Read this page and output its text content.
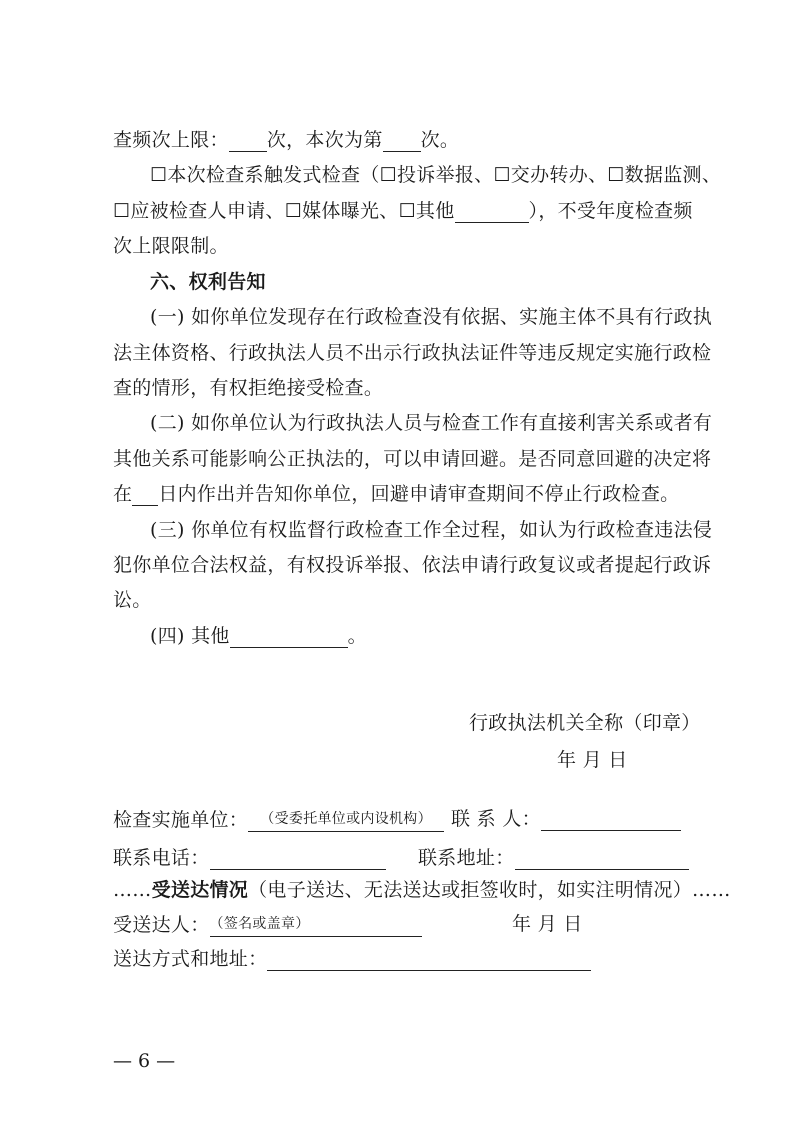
查频次上限： 次，本次为第 次。
☐本次检查系触发式检查（☐投诉举报、☐交办转办、☐数据监测、
☐应被检查人申请、☐媒体曝光、☐其他	），不受年度检查频
次上限限制。
六、权利告知
(一) 如你单位发现存在行政检查没有依据、实施主体不具有行政执
法主体资格、行政执法人员不出示行政执法证件等违反规定实施行政检
查的情形，有权拒绝接受检查。
(二) 如你单位认为行政执法人员与检查工作有直接利害关系或者有
其他关系可能影响公正执法的，可以申请回避。是否同意回避的决定将
在 日内作出并告知你单位，回避申请审查期间不停止行政检查。
(三) 你单位有权监督行政检查工作全过程，如认为行政检查违法侵
犯你单位合法权益，有权投诉举报、依法申请行政复议或者提起行政诉
讼。
(四) 其他	。
行政执法机关全称（印章）
年 月 日
检查实施单位： （受委托单位或内设机构）	联 系 人：
联系电话：	联系地址：
……受送达情况（电子送达、无法送达或拒签收时，如实注明情况）……
受送达人：（签名或盖章）	年 月 日
送达方式和地址：
— 6 —
